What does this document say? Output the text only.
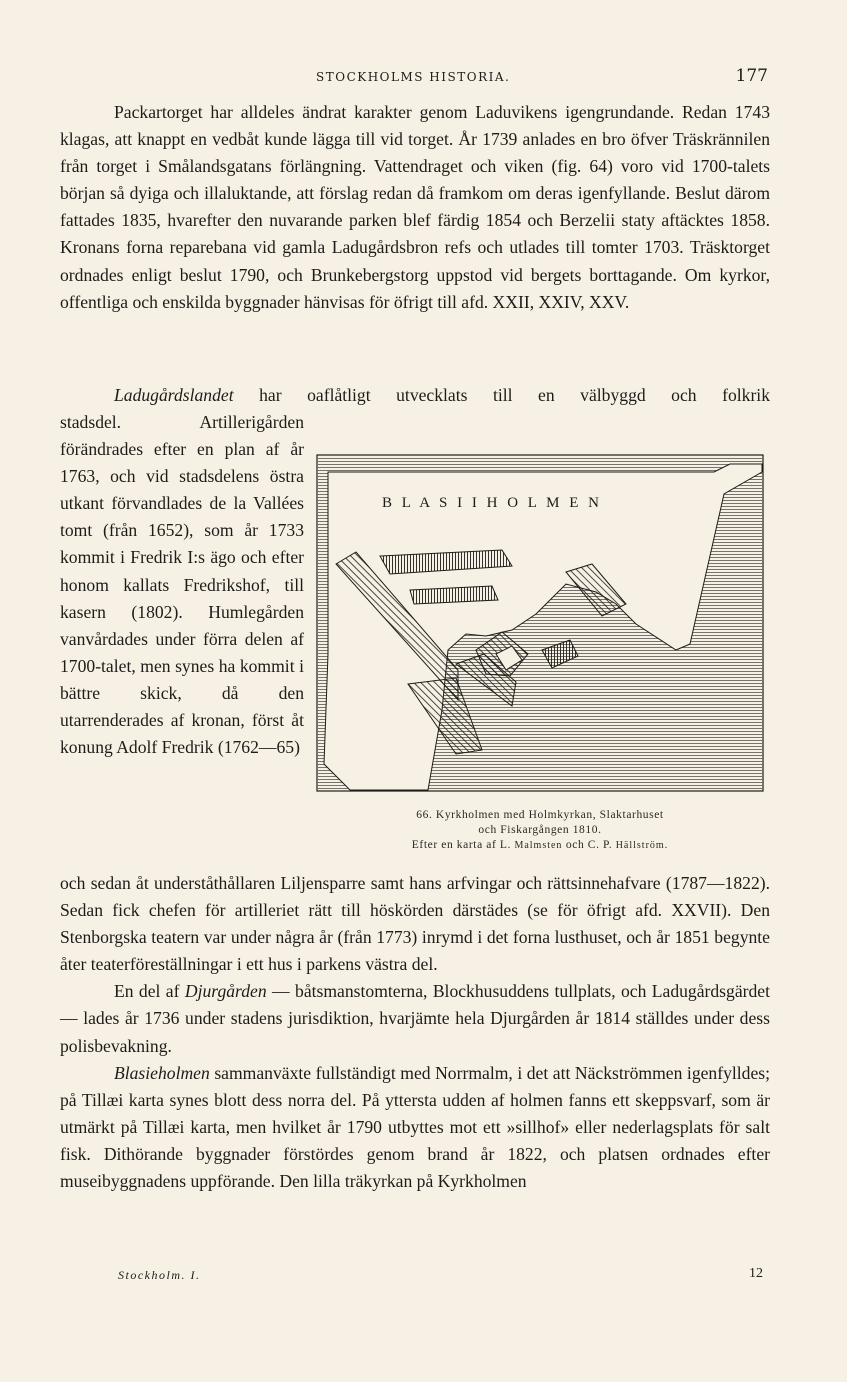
STOCKHOLMS HISTORIA.	177

Packartorget har alldeles ändrat karakter genom Laduvikens igengrundande. Redan 1743 klagas, att knappt en vedbåt kunde lägga till vid torget. År 1739 anlades en bro öfver Träskrännilen från torget i Smålandsgatans förlängning. Vattendraget och viken (fig. 64) voro vid 1700-talets början så dyiga och illaluktande, att förslag redan då framkom om deras igenfyllande. Beslut därom fattades 1835, hvarefter den nuvarande parken blef färdig 1854 och Berzelii staty aftäcktes 1858. Kronans forna reparebana vid gamla Ladugårdsbron refs och utlades till tomter 1703. Träsktorget ordnades enligt beslut 1790, och Brunkebergstorg uppstod vid bergets borttagande. Om kyrkor, offentliga och enskilda byggnader hänvisas för öfrigt till afd. XXII, XXIV, XXV.

Ladugårdslandet har oaflåtligt utvecklats till en välbyggd och folkrik
stadsdel. Artillerigården förändrades efter en plan af år 1763, och vid stadsdelens östra utkant förvandlades de la Vallées tomt (från 1652), som år 1733 kommit i Fredrik I:s ägo och efter honom kallats Fredrikshof, till kasern (1802). Humlegården vanvårdades under förra delen af 1700-talet, men synes ha kommit i bättre skick, då den utarrenderades af kronan, först åt konung Adolf Fredrik (1762—65)
B L A S I I H O L M E N
66. Kyrkholmen med Holmkyrkan, Slaktarhuset
och Fiskargången 1810.
Efter en karta af L. Malmsten och C. P. Hällström.

och sedan åt underståthållaren Liljensparre samt hans arfvingar och rättsinnehafvare (1787—1822). Sedan fick chefen för artilleriet rätt till höskörden därstädes (se för öfrigt afd. XXVII). Den Stenborgska teatern var under några år (från 1773) inrymd i det forna lusthuset, och år 1851 begynte åter teaterföreställningar i ett hus i parkens västra del.

En del af Djurgården — båtsmanstomterna, Blockhusuddens tullplats, och Ladugårdsgärdet — lades år 1736 under stadens jurisdiktion, hvarjämte hela Djurgården år 1814 ställdes under dess polisbevakning.

Blasieholmen sammanväxte fullständigt med Norrmalm, i det att Näckströmmen igenfylldes; på Tillæi karta synes blott dess norra del. På yttersta udden af holmen fanns ett skeppsvarf, som är utmärkt på Tillæi karta, men hvilket år 1790 utbyttes mot ett »sillhof» eller nederlagsplats för salt fisk. Dithörande byggnader förstördes genom brand år 1822, och platsen ordnades efter museibyggnadens uppförande. Den lilla träkyrkan på Kyrkholmen

Stockholm. I.	12
